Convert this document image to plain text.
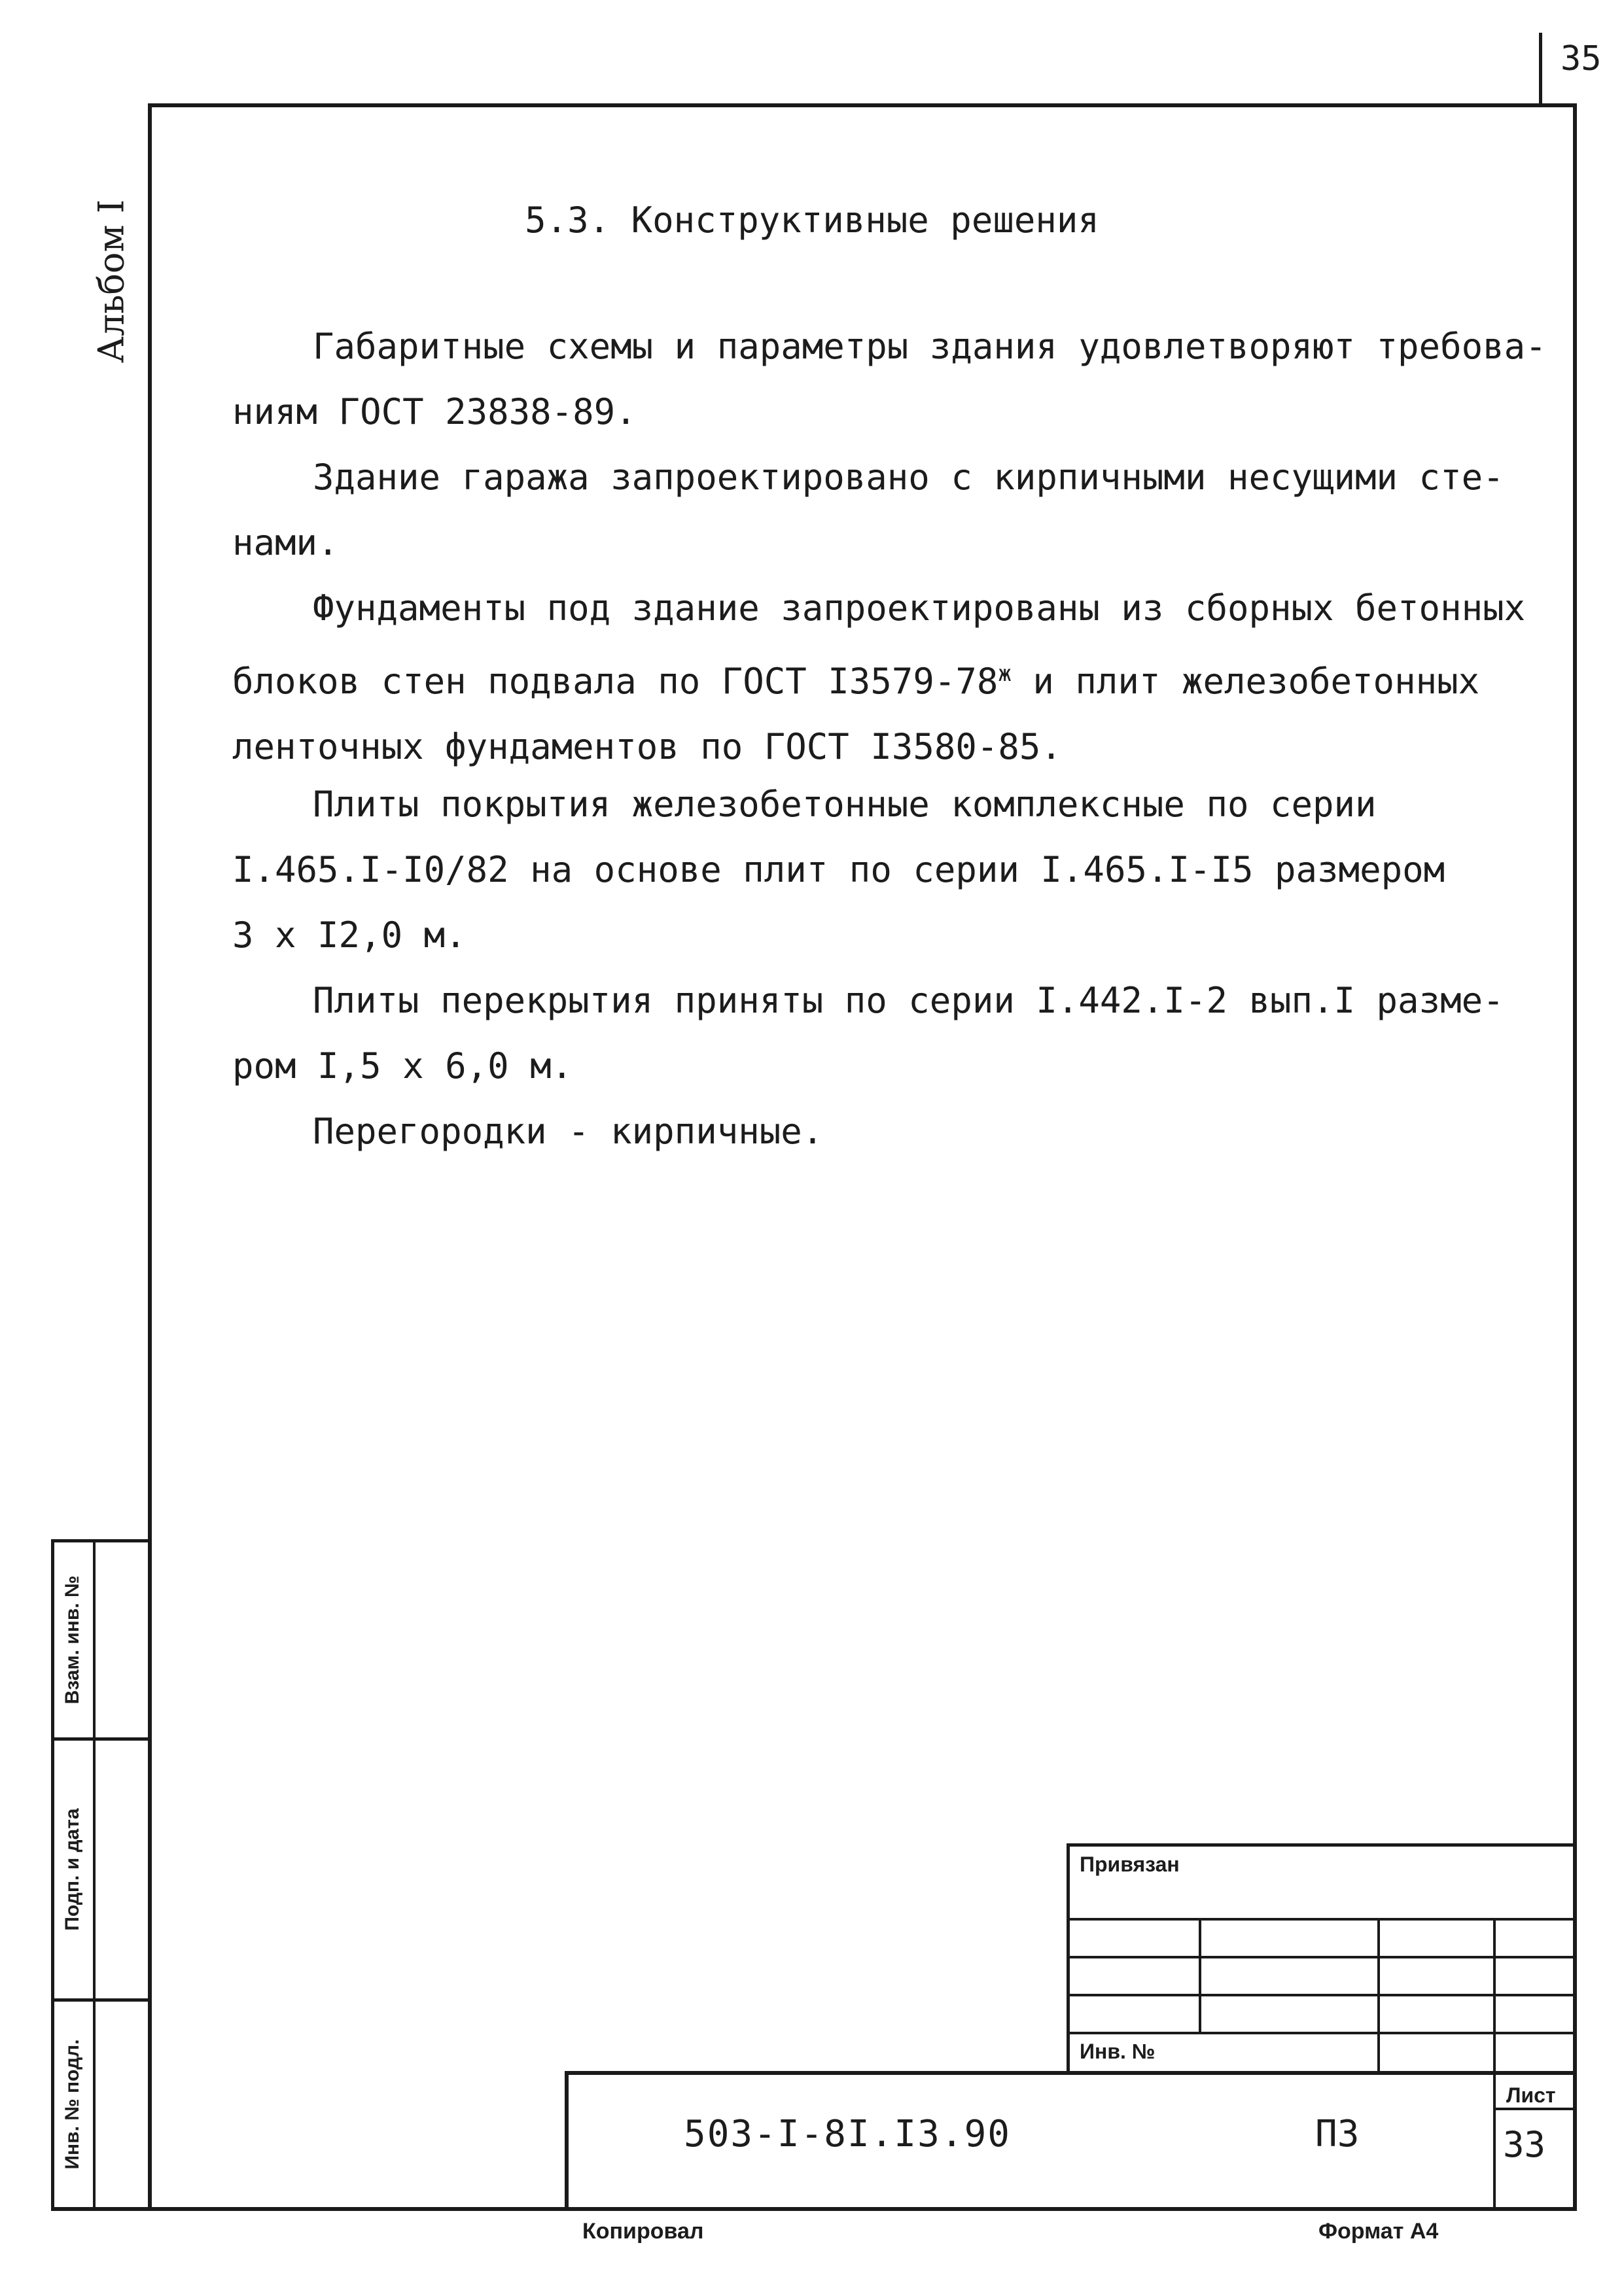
35
Альбом I	5.3. Конструктивные решения
Габаритные схемы и параметры здания удовлетворяют требова-
ниям ГОСТ 23838-89.
Здание гаража запроектировано с кирпичными несущими сте-
нами.
Фундаменты под здание запроектированы из сборных бетонных
блоков стен подвала по ГОСТ $I3579-78^ж$ и плит железобетонных
ленточных фундаментов по ГОСТ I3580-85.
Плиты покрытия железобетонные комплексные по серии
I.465.I-I0/82 на основе плит по серии I.465.I-I5 размером
3 x I2,0 м.
Плиты перекрытия приняты по серии I.442.I-2 вып.I разме-
ром I,5 x 6,0 м.
Перегородки - кирпичные.
Взам. инв. №
Подп. и дата
Инв. № подл.
Привязан
Инв. №
503-I-8I.I3.90	ПЗ
Лист
33
Копировал	Формат А4
